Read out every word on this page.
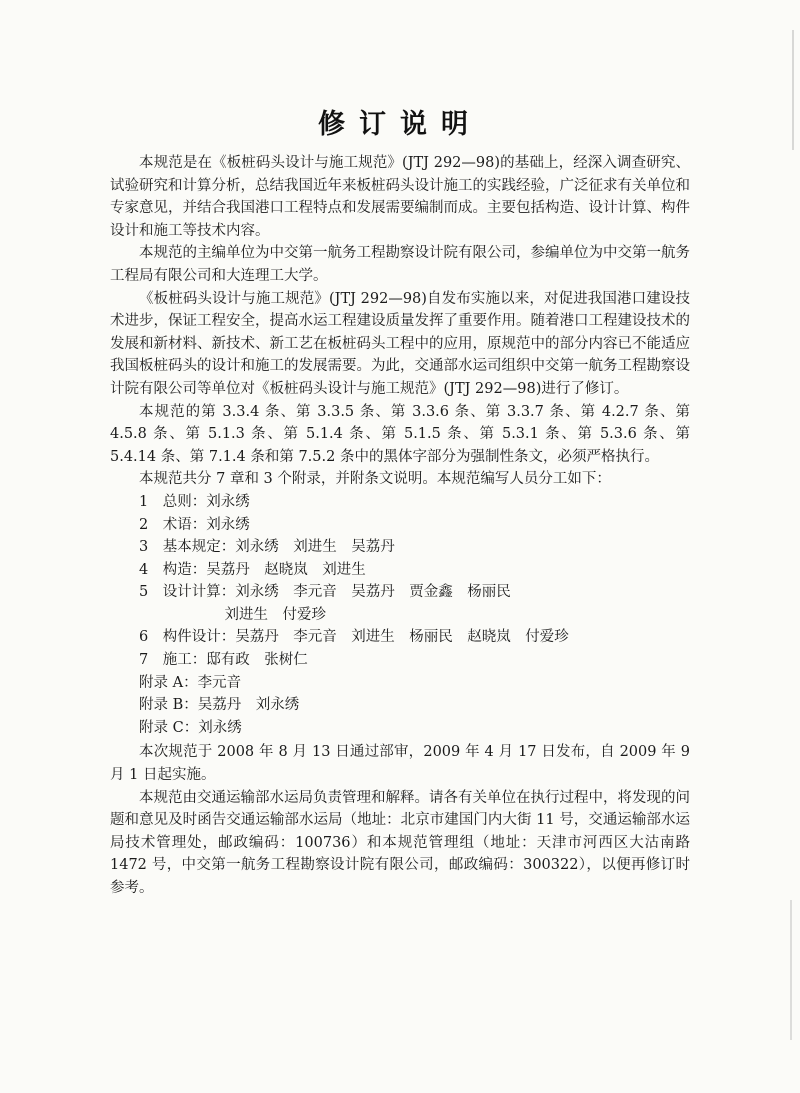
修订说明

本规范是在《板桩码头设计与施工规范》(JTJ 292—98)的基础上，经深入调查研究、试验研究和计算分析，总结我国近年来板桩码头设计施工的实践经验，广泛征求有关单位和专家意见，并结合我国港口工程特点和发展需要编制而成。主要包括构造、设计计算、构件设计和施工等技术内容。

本规范的主编单位为中交第一航务工程勘察设计院有限公司，参编单位为中交第一航务工程局有限公司和大连理工大学。

《板桩码头设计与施工规范》(JTJ 292—98)自发布实施以来，对促进我国港口建设技术进步，保证工程安全，提高水运工程建设质量发挥了重要作用。随着港口工程建设技术的发展和新材料、新技术、新工艺在板桩码头工程中的应用，原规范中的部分内容已不能适应我国板桩码头的设计和施工的发展需要。为此，交通部水运司组织中交第一航务工程勘察设计院有限公司等单位对《板桩码头设计与施工规范》(JTJ 292—98)进行了修订。

本规范的第 3.3.4 条、第 3.3.5 条、第 3.3.6 条、第 3.3.7 条、第 4.2.7 条、第 4.5.8 条、第 5.1.3 条、第 5.1.4 条、第 5.1.5 条、第 5.3.1 条、第 5.3.6 条、第 5.4.14 条、第 7.1.4 条和第 7.5.2 条中的黑体字部分为强制性条文，必须严格执行。

本规范共分 7 章和 3 个附录，并附条文说明。本规范编写人员分工如下：

1　总则：刘永绣
2　术语：刘永绣
3　基本规定：刘永绣　刘进生　吴荔丹
4　构造：吴荔丹　赵晓岚　刘进生
5　设计计算：刘永绣　李元音　吴荔丹　贾金鑫　杨丽民
刘进生　付爱珍
6　构件设计：吴荔丹　李元音　刘进生　杨丽民　赵晓岚　付爱珍
7　施工：邸有政　张树仁
附录 A：李元音
附录 B：吴荔丹　刘永绣
附录 C：刘永绣

本次规范于 2008 年 8 月 13 日通过部审，2009 年 4 月 17 日发布，自 2009 年 9 月 1 日起实施。

本规范由交通运输部水运局负责管理和解释。请各有关单位在执行过程中，将发现的问题和意见及时函告交通运输部水运局（地址：北京市建国门内大街 11 号，交通运输部水运局技术管理处，邮政编码：100736）和本规范管理组（地址：天津市河西区大沽南路 1472 号，中交第一航务工程勘察设计院有限公司，邮政编码：300322），以便再修订时参考。
